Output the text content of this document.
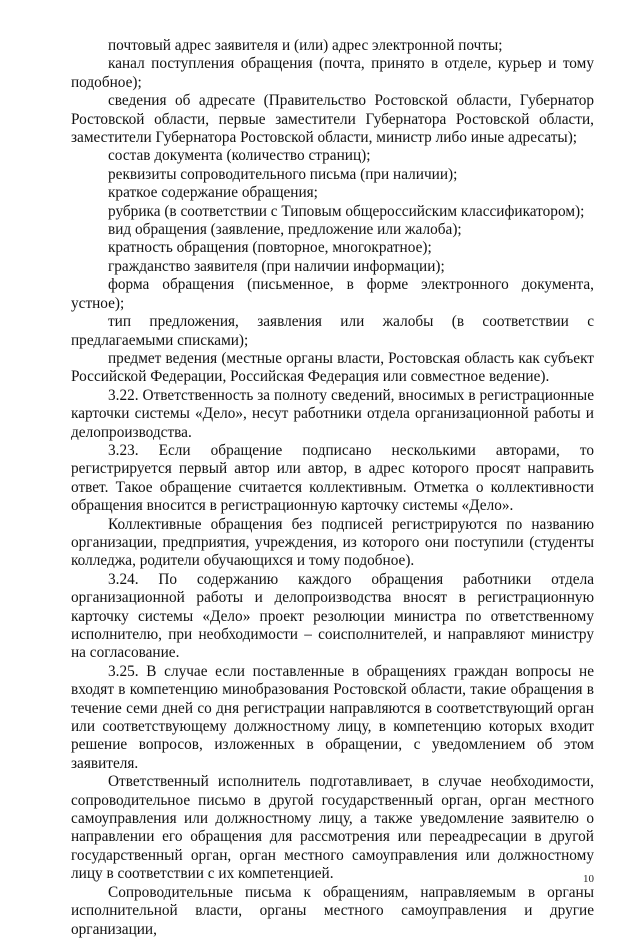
почтовый адрес заявителя и (или) адрес электронной почты;

канал поступления обращения (почта, принято в отделе, курьер и тому подобное);

сведения об адресате (Правительство Ростовской области, Губернатор Ростовской области, первые заместители Губернатора Ростовской области, заместители Губернатора Ростовской области, министр либо иные адресаты);

состав документа (количество страниц);

реквизиты сопроводительного письма (при наличии);

краткое содержание обращения;

рубрика (в соответствии с Типовым общероссийским классификатором);

вид обращения (заявление, предложение или жалоба);

кратность обращения (повторное, многократное);

гражданство заявителя (при наличии информации);

форма обращения (письменное, в форме электронного документа, устное);

тип предложения, заявления или жалобы (в соответствии с предлагаемыми списками);

предмет ведения (местные органы власти, Ростовская область как субъект Российской Федерации, Российская Федерация или совместное ведение).

3.22. Ответственность за полноту сведений, вносимых в регистрационные карточки системы «Дело», несут работники отдела организационной работы и делопроизводства.

3.23. Если обращение подписано несколькими авторами, то регистрируется первый автор или автор, в адрес которого просят направить ответ. Такое обращение считается коллективным. Отметка о коллективности обращения вносится в регистрационную карточку системы «Дело».

Коллективные обращения без подписей регистрируются по названию организации, предприятия, учреждения, из которого они поступили (студенты колледжа, родители обучающихся и тому подобное).

3.24. По содержанию каждого обращения работники отдела организационной работы и делопроизводства вносят в регистрационную карточку системы «Дело» проект резолюции министра по ответственному исполнителю, при необходимости – соисполнителей, и направляют министру на согласование.

3.25. В случае если поставленные в обращениях граждан вопросы не входят в компетенцию минобразования Ростовской области, такие обращения в течение семи дней со дня регистрации направляются в соответствующий орган или соответствующему должностному лицу, в компетенцию которых входит решение вопросов, изложенных в обращении, с уведомлением об этом заявителя.

Ответственный исполнитель подготавливает, в случае необходимости, сопроводительное письмо в другой государственный орган, орган местного самоуправления или должностному лицу, а также уведомление заявителю о направлении его обращения для рассмотрения или переадресации в другой государственный орган, орган местного самоуправления или должностному лицу в соответствии с их компетенцией.

Сопроводительные письма к обращениям, направляемым в органы исполнительной власти, органы местного самоуправления и другие организации,

10
